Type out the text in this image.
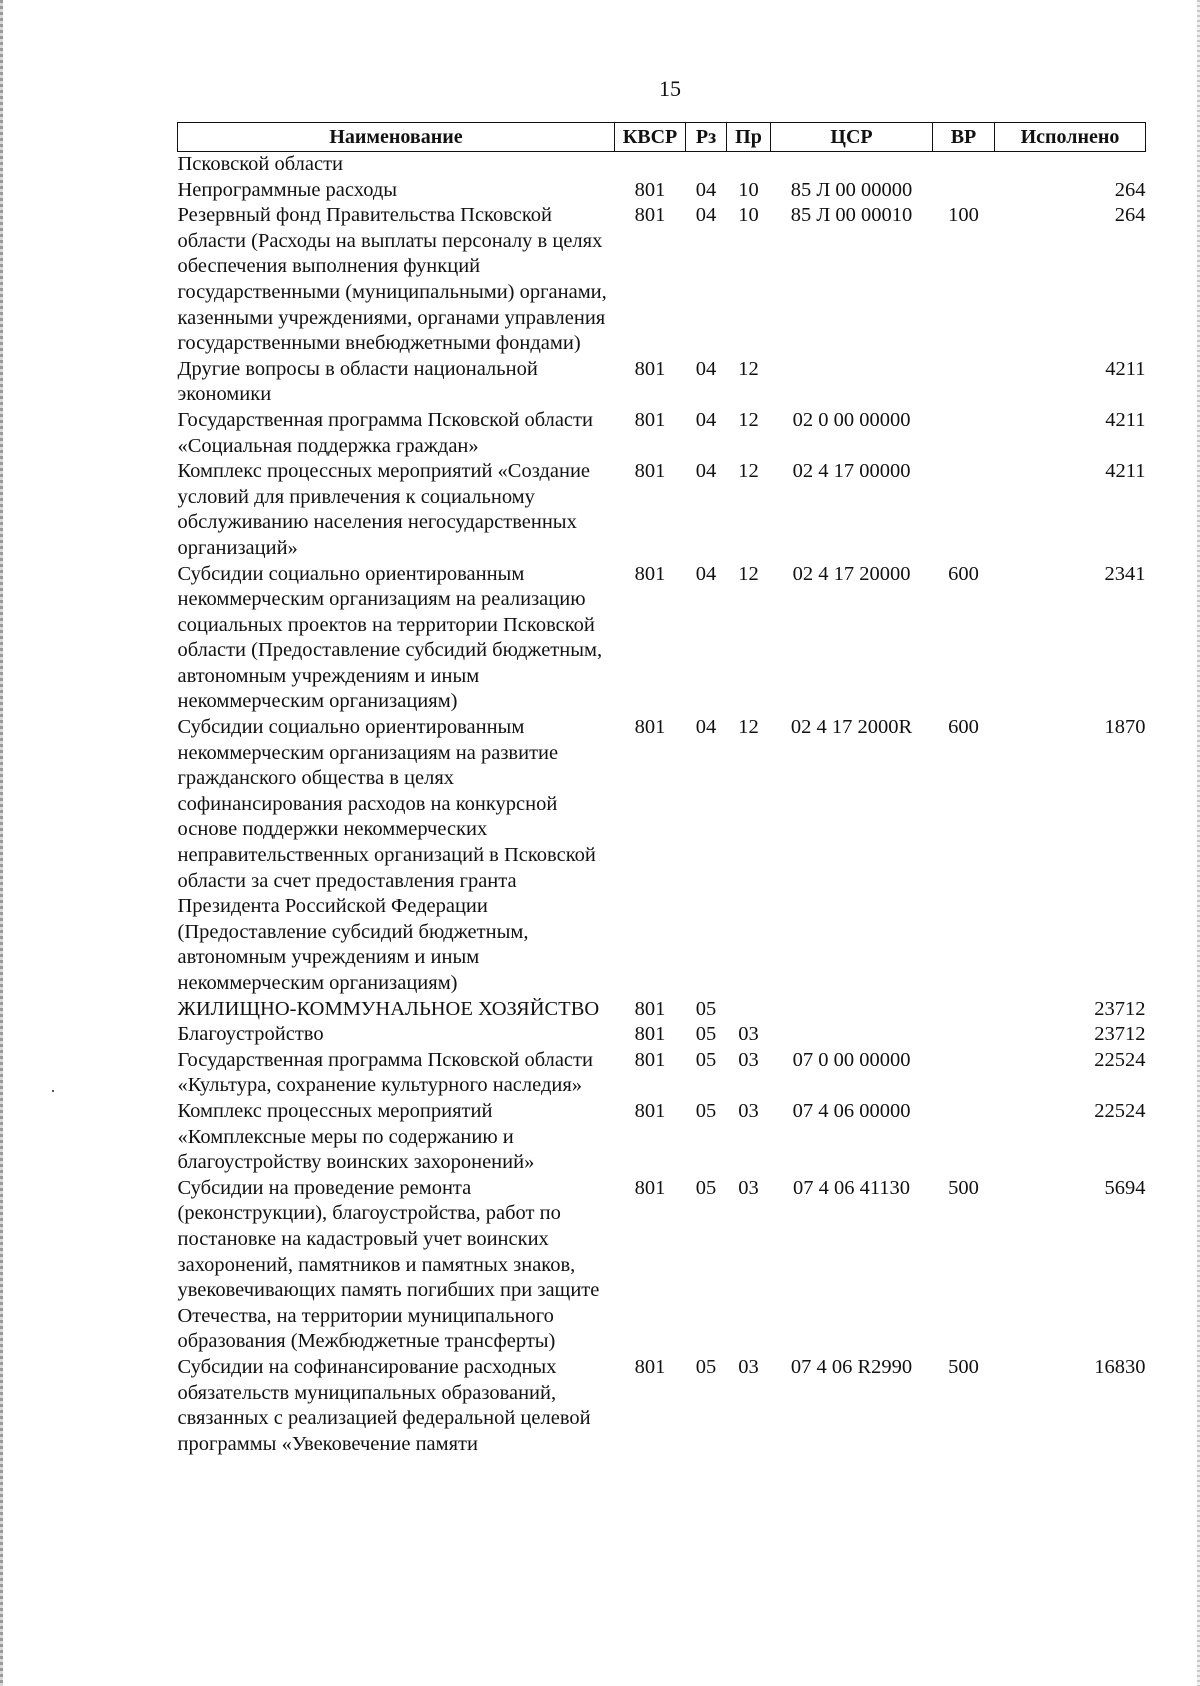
15
Наименование	КВСР	Рз	Пр	ЦСР	ВР	Исполнено
Псковской области						
Непрограммные расходы	801	04	10	85 Л 00 00000		264
Резервный фонд Правительства Псковской области (Расходы на выплаты персоналу в целях обеспечения выполнения функций государственными (муниципальными) органами, казенными учреждениями, органами управления государственными внебюджетными фондами)	801	04	10	85 Л 00 00010	100	264
Другие вопросы в области национальной экономики	801	04	12			4211
Государственная программа Псковской области «Социальная поддержка граждан»	801	04	12	02 0 00 00000		4211
Комплекс процессных мероприятий «Создание условий для привлечения к социальному обслуживанию населения негосударственных организаций»	801	04	12	02 4 17 00000		4211
Субсидии социально ориентированным некоммерческим организациям на реализацию социальных проектов на территории Псковской области (Предоставление субсидий бюджетным, автономным учреждениям и иным некоммерческим организациям)	801	04	12	02 4 17 20000	600	2341
Субсидии социально ориентированным некоммерческим организациям на развитие гражданского общества в целях софинансирования расходов на конкурсной основе поддержки некоммерческих неправительственных организаций в Псковской области за счет предоставления гранта Президента Российской Федерации (Предоставление субсидий бюджетным, автономным учреждениям и иным некоммерческим организациям)	801	04	12	02 4 17 2000R	600	1870
ЖИЛИЩНО-КОММУНАЛЬНОЕ ХОЗЯЙСТВО	801	05				23712
Благоустройство	801	05	03			23712
Государственная программа Псковской области «Культура, сохранение культурного наследия»	801	05	03	07 0 00 00000		22524
Комплекс процессных мероприятий «Комплексные меры по содержанию и благоустройству воинских захоронений»	801	05	03	07 4 06 00000		22524
Субсидии на проведение ремонта (реконструкции), благоустройства, работ по постановке на кадастровый учет воинских захоронений, памятников и памятных знаков, увековечивающих память погибших при защите Отечества, на территории муниципального образования (Межбюджетные трансферты)	801	05	03	07 4 06 41130	500	5694
Субсидии на софинансирование расходных обязательств муниципальных образований, связанных с реализацией федеральной целевой программы «Увековечение памяти	801	05	03	07 4 06 R2990	500	16830
